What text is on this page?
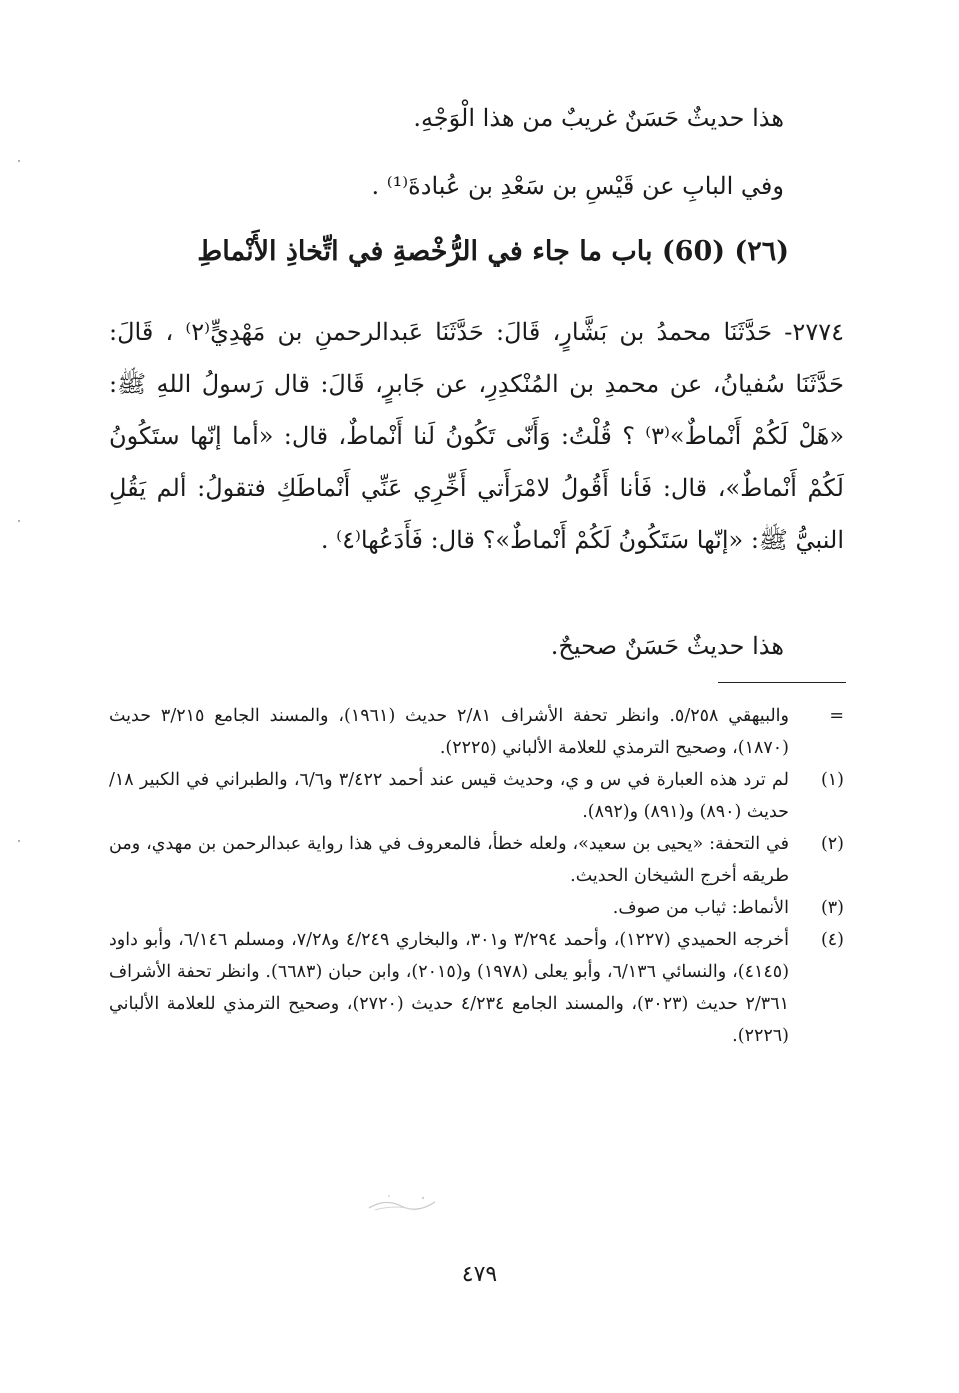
هذا حديثٌ حَسَنٌ غريبٌ من هذا الْوَجْهِ.
وفي البابِ عن قَيْسِ بن سَعْدِ بن عُبادةَ⁽¹⁾ .
(٢٦) (60) باب ما جاء في الرُّخْصةِ في اتِّخاذِ الأَنْماطِ

٢٧٧٤- حَدَّثَنَا محمدُ بن بَشَّارٍ، قَالَ: حَدَّثَنَا عَبدالرحمنِ بن مَهْدِيٍّ⁽٢⁾ ، قَالَ: حَدَّثَنَا سُفيانُ، عن محمدِ بن المُنْكدِرِ، عن جَابرٍ، قَالَ: قال رَسولُ اللهِ ﷺ: «هَلْ لَكُمْ أَنْماطٌ»⁽٣⁾ ؟ قُلْتُ: وَأَنّى تَكُونُ لَنا أَنْماطٌ، قال: «أما إنّها ستَكُونُ لَكُمْ أَنْماطٌ»، قال: فَأنا أَقُولُ لامْرَأَتي أَخِّرِي عَنِّي أَنْماطَكِ فتقولُ: ألم يَقُلِ النبيُّ ﷺ: «إنّها سَتَكُونُ لَكُمْ أَنْماطٌ»؟ قال: فَأَدَعُها⁽٤⁾ .

هذا حديثٌ حَسَنٌ صحيحٌ.
=
والبيهقي ٥/٢٥٨. وانظر تحفة الأشراف ٢/٨١ حديث (١٩٦١)، والمسند الجامع ٣/٢١٥ حديث (١٨٧٠)، وصحيح الترمذي للعلامة الألباني (٢٢٢٥).
(١)
لم ترد هذه العبارة في س و ي، وحديث قيس عند أحمد ٣/٤٢٢ و٦/٦، والطبراني في الكبير ١٨/ حديث (٨٩٠) و(٨٩١) و(٨٩٢).
(٢)
في التحفة: «يحيى بن سعيد»، ولعله خطأ، فالمعروف في هذا رواية عبدالرحمن بن مهدي، ومن طريقه أخرج الشيخان الحديث.
(٣)
الأنماط: ثياب من صوف.
(٤)
أخرجه الحميدي (١٢٢٧)، وأحمد ٣/٢٩٤ و٣٠١، والبخاري ٤/٢٤٩ و٧/٢٨، ومسلم ٦/١٤٦، وأبو داود (٤١٤٥)، والنسائي ٦/١٣٦، وأبو يعلى (١٩٧٨) و(٢٠١٥)، وابن حبان (٦٦٨٣). وانظر تحفة الأشراف ٢/٣٦١ حديث (٣٠٢٣)، والمسند الجامع ٤/٢٣٤ حديث (٢٧٢٠)، وصحيح الترمذي للعلامة الألباني (٢٢٢٦).
٤٧٩
